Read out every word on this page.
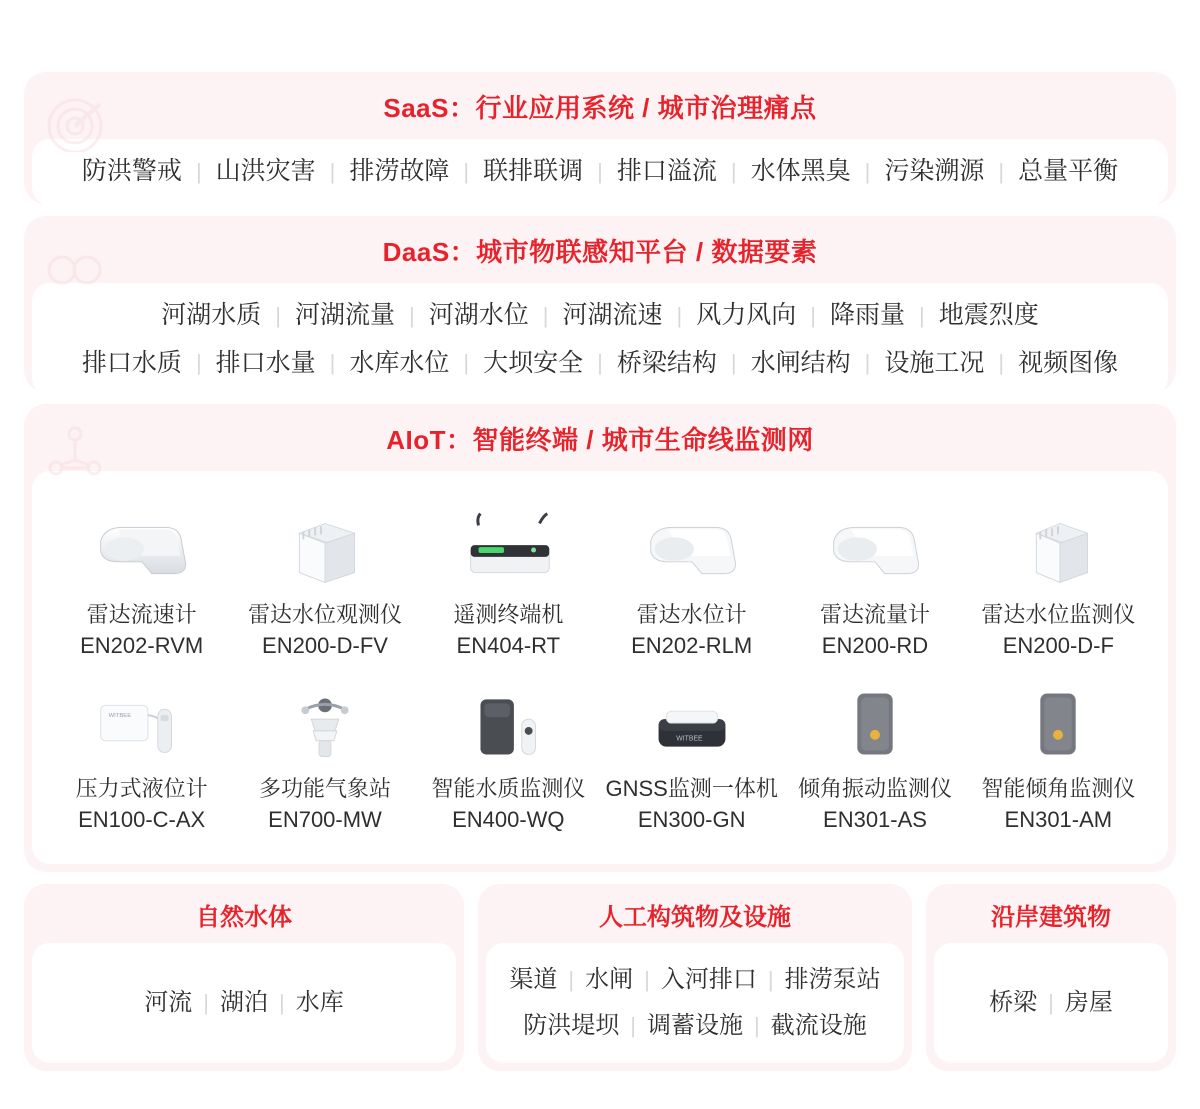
SaaS：行业应用系统 / 城市治理痛点
防洪警戒 | 山洪灾害 | 排涝故障 | 联排联调 | 排口溢流 | 水体黑臭 | 污染溯源 | 总量平衡
DaaS：城市物联感知平台 / 数据要素
河湖水质 | 河湖流量 | 河湖水位 | 河湖流速 | 风力风向 | 降雨量 | 地震烈度
排口水质 | 排口水量 | 水库水位 | 大坝安全 | 桥梁结构 | 水闸结构 | 设施工况 | 视频图像
AIoT：智能终端 / 城市生命线监测网
雷达流速计
EN202-RVM
雷达水位观测仪
EN200-D-FV
遥测终端机
EN404-RT
雷达水位计
EN202-RLM
雷达流量计
EN200-RD
雷达水位监测仪
EN200-D-F
WITBEE
压力式液位计
EN100-C-AX
多功能气象站
EN700-MW
智能水质监测仪
EN400-WQ
WITBEE
GNSS监测一体机
EN300-GN
倾角振动监测仪
EN301-AS
智能倾角监测仪
EN301-AM
自然水体
河流 | 湖泊 | 水库
人工构筑物及设施
渠道 | 水闸 | 入河排口 | 排涝泵站
防洪堤坝 | 调蓄设施 | 截流设施
沿岸建筑物
桥梁 | 房屋
